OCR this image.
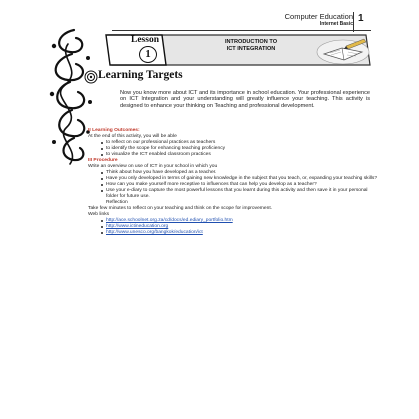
Computer Education
Internet Basic 1
Lesson
1
INTRODUCTION TO
ICT INTEGRATION
Learning Targets
Now you know more about ICT and its importance in school education. Your professional experience on ICT Integration and your understanding will greatly influence your teaching. This activity is designed to enhance your thinking on Teaching and professional development.
II Learning Outcomes:
At the end of this activity, you will be able
to reflect on our professional practices as teachers
to identify the scope for enhancing teaching proficiency
to visualize the ICT enabled classroom practices
III Procedure
Write an overview on use of ICT in your school in which you
Think about how you have developed as a teacher.
Have you only developed in terms of gaining new knowledge in the subject that you teach, or, expanding your teaching skills?
How can you make yourself more receptive to influences that can help you develop as a teacher?
Use your e-diary to capture the most powerful lessons that you learnt during this activity and then save it in your personal folder for future use.
Reflection
Take few minutes to reflect on your teaching and think on the scope for improvement.
Web links
http://ace.schoolnet.org.za/cd/docs/ed.ediary_portfolio.htm
http://www.ictineducation.org
http://www.unesco.org/bangkok/education/ict
